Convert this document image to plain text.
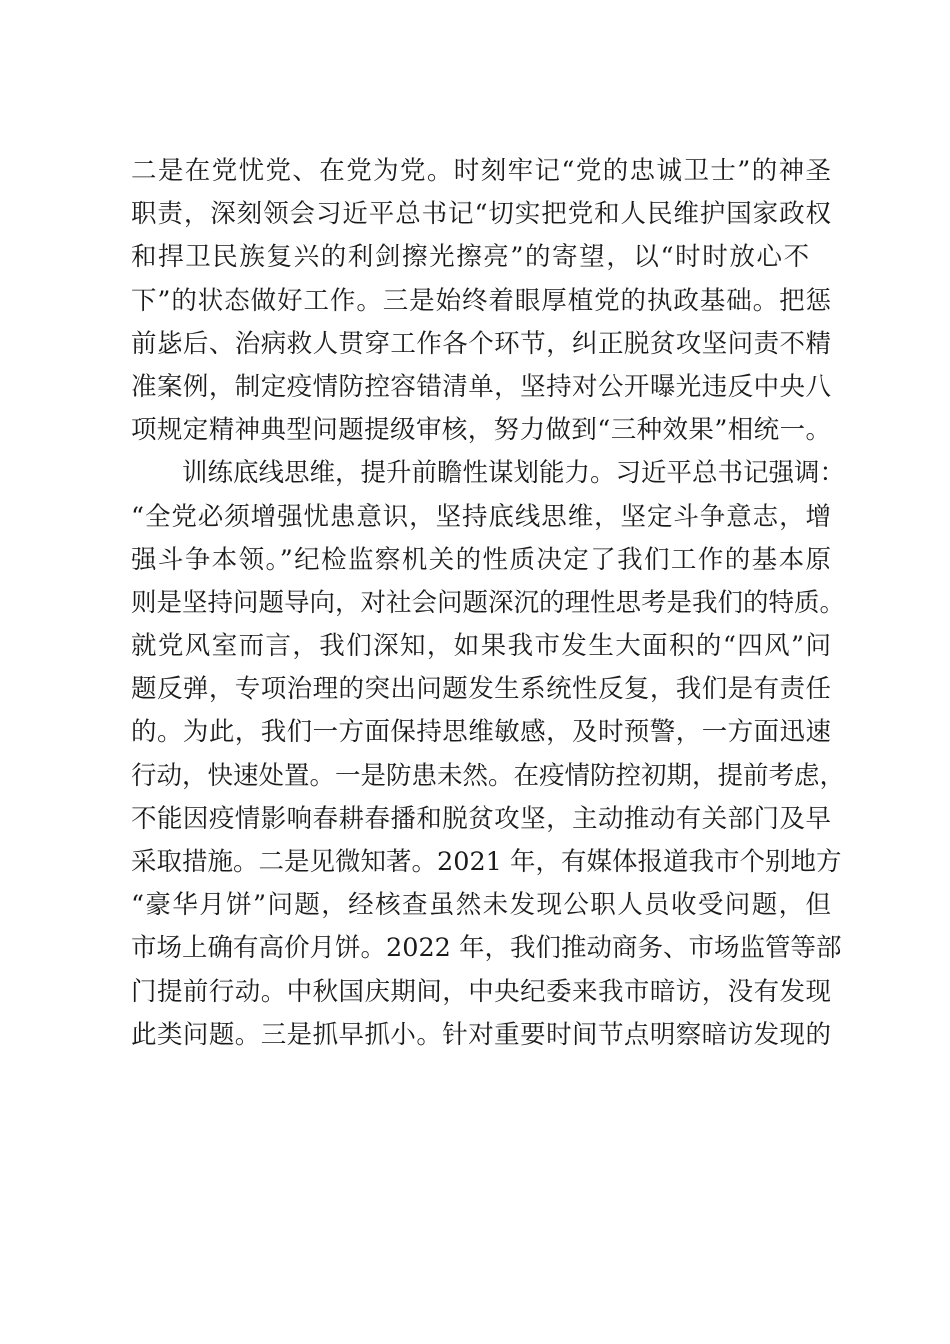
二是在党忧党、在党为党。时刻牢记“党的忠诚卫士”的神圣
职责，深刻领会习近平总书记“切实把党和人民维护国家政权
和捍卫民族复兴的利剑擦光擦亮”的寄望，以“时时放心不
下”的状态做好工作。三是始终着眼厚植党的执政基础。把惩
前毖后、治病救人贯穿工作各个环节，纠正脱贫攻坚问责不精
准案例，制定疫情防控容错清单，坚持对公开曝光违反中央八
项规定精神典型问题提级审核，努力做到“三种效果”相统一。
训练底线思维，提升前瞻性谋划能力。习近平总书记强调：
“全党必须增强忧患意识，坚持底线思维，坚定斗争意志，增
强斗争本领。”纪检监察机关的性质决定了我们工作的基本原
则是坚持问题导向，对社会问题深沉的理性思考是我们的特质。
就党风室而言，我们深知，如果我市发生大面积的“四风”问
题反弹，专项治理的突出问题发生系统性反复，我们是有责任
的。为此，我们一方面保持思维敏感，及时预警，一方面迅速
行动，快速处置。一是防患未然。在疫情防控初期，提前考虑，
不能因疫情影响春耕春播和脱贫攻坚，主动推动有关部门及早
采取措施。二是见微知著。2021 年，有媒体报道我市个别地方
“豪华月饼”问题，经核查虽然未发现公职人员收受问题，但
市场上确有高价月饼。2022 年，我们推动商务、市场监管等部
门提前行动。中秋国庆期间，中央纪委来我市暗访，没有发现
此类问题。三是抓早抓小。针对重要时间节点明察暗访发现的
